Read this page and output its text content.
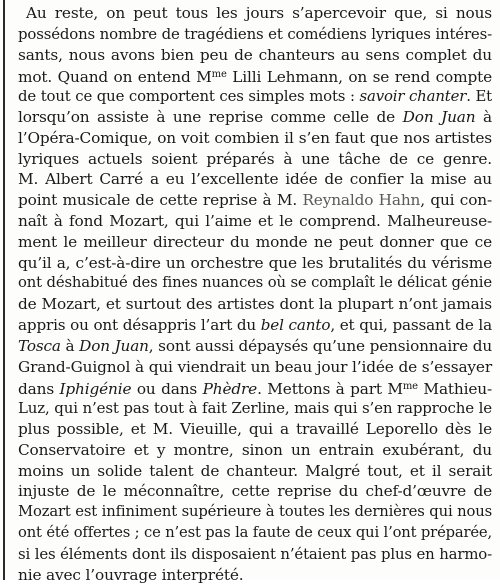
Au reste, on peut tous les jours s’apercevoir que, si nous
possédons nombre de tragédiens et comédiens lyriques intéres-
sants, nous avons bien peu de chanteurs au sens complet du
mot. Quand on entend $M^{me}$ Lilli Lehmann, on se rend compte
de tout ce que comportent ces simples mots : savoir chanter. Et
lorsqu’on assiste à une reprise comme celle de Don Juan à
l’Opéra-Comique, on voit combien il s’en faut que nos artistes
lyriques actuels soient préparés à une tâche de ce genre.
M. Albert Carré a eu l’excellente idée de confier la mise au
point musicale de cette reprise à M. Reynaldo Hahn, qui con-
naît à fond Mozart, qui l’aime et le comprend. Malheureuse-
ment le meilleur directeur du monde ne peut donner que ce
qu’il a, c’est-à-dire un orchestre que les brutalités du vérisme
ont déshabitué des fines nuances où se complaît le délicat génie
de Mozart, et surtout des artistes dont la plupart n’ont jamais
appris ou ont désappris l’art du bel canto, et qui, passant de la
Tosca à Don Juan, sont aussi dépaysés qu’une pensionnaire du
Grand-Guignol à qui viendrait un beau jour l’idée de s’essayer
dans Iphigénie ou dans Phèdre. Mettons à part $M^{me}$ Mathieu-
Luz, qui n’est pas tout à fait Zerline, mais qui s’en rapproche le
plus possible, et M. Vieuille, qui a travaillé Leporello dès le
Conservatoire et y montre, sinon un entrain exubérant, du
moins un solide talent de chanteur. Malgré tout, et il serait
injuste de le méconnaître, cette reprise du chef-d’œuvre de
Mozart est infiniment supérieure à toutes les dernières qui nous
ont été offertes ; ce n’est pas la faute de ceux qui l’ont préparée,
si les éléments dont ils disposaient n’étaient pas plus en harmo-
nie avec l’ouvrage interprété.
